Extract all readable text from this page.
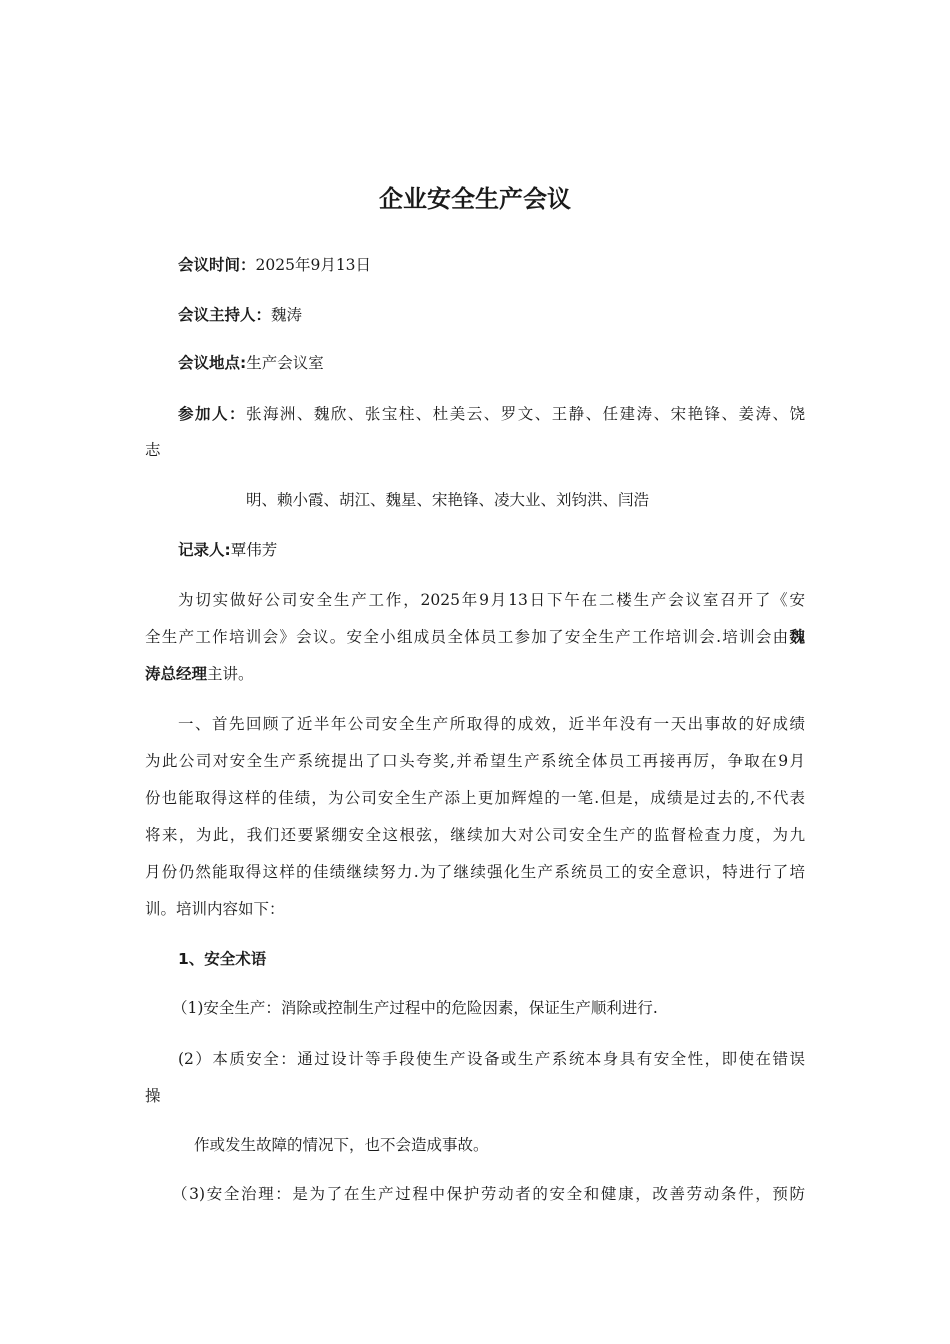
企业安全生产会议
会议时间：2025年9月13日
会议主持人：魏涛
会议地点:生产会议室
参加人：张海洲、魏欣、张宝柱、杜美云、罗文、王静、任建涛、宋艳锋、姜涛、饶
志
明、赖小霞、胡江、魏星、宋艳锋、凌大业、刘钧洪、闫浩
记录人:覃伟芳
为切实做好公司安全生产工作，2025年9月13日下午在二楼生产会议室召开了《安
全生产工作培训会》会议。安全小组成员全体员工参加了安全生产工作培训会.培训会由魏
涛总经理主讲。
一、首先回顾了近半年公司安全生产所取得的成效，近半年没有一天出事故的好成绩
为此公司对安全生产系统提出了口头夸奖,并希望生产系统全体员工再接再厉，争取在9月
份也能取得这样的佳绩，为公司安全生产添上更加辉煌的一笔.但是，成绩是过去的,不代表
将来，为此，我们还要紧绷安全这根弦，继续加大对公司安全生产的监督检查力度，为九
月份仍然能取得这样的佳绩继续努力.为了继续强化生产系统员工的安全意识，特进行了培
训。培训内容如下：
1、安全术语
（1)安全生产：消除或控制生产过程中的危险因素，保证生产顺利进行.
(2）本质安全：通过设计等手段使生产设备或生产系统本身具有安全性，即使在错误
操
作或发生故障的情况下，也不会造成事故。
（3)安全治理：是为了在生产过程中保护劳动者的安全和健康，改善劳动条件，预防
